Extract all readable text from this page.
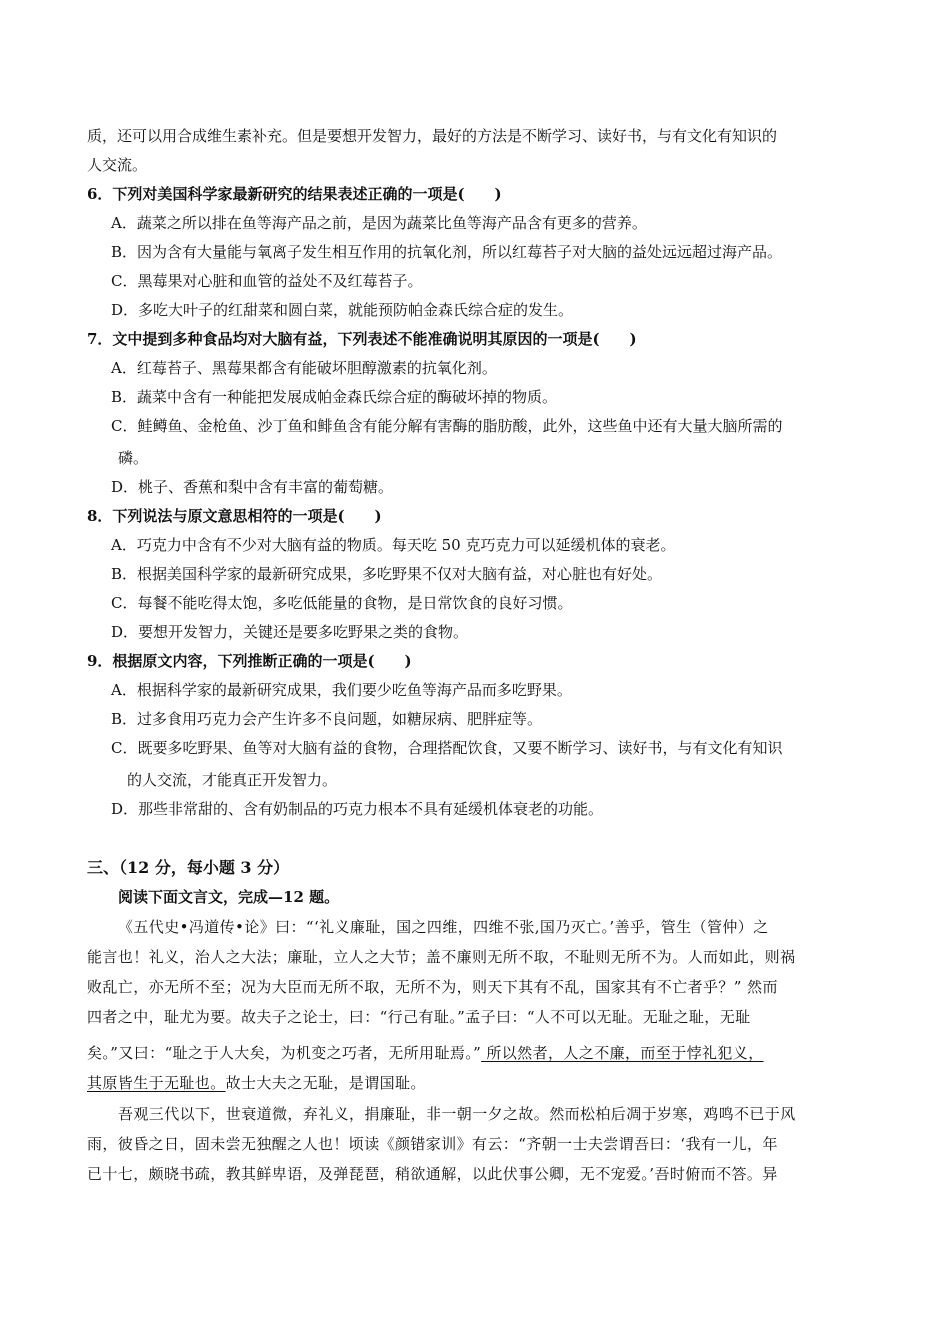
质，还可以用合成维生素补充。但是要想开发智力，最好的方法是不断学习、读好书，与有文化有知识的
人交流。
6．下列对美国科学家最新研究的结果表述正确的一项是(　　)
A．蔬菜之所以排在鱼等海产品之前，是因为蔬菜比鱼等海产品含有更多的营养。
B．因为含有大量能与氧离子发生相互作用的抗氧化剂，所以红莓苔子对大脑的益处远远超过海产品。
C．黑莓果对心脏和血管的益处不及红莓苔子。
D．多吃大叶子的红甜菜和圆白菜，就能预防帕金森氏综合症的发生。
7．文中提到多种食品均对大脑有益，下列表述不能准确说明其原因的一项是(　　)
A．红莓苔子、黑莓果都含有能破坏胆醇激素的抗氧化剂。
B．蔬菜中含有一种能把发展成帕金森氏综合症的酶破坏掉的物质。
C．鲑鳟鱼、金枪鱼、沙丁鱼和鲱鱼含有能分解有害酶的脂肪酸，此外，这些鱼中还有大量大脑所需的
磷。
D．桃子、香蕉和梨中含有丰富的葡萄糖。
8．下列说法与原文意思相符的一项是(　　)
A．巧克力中含有不少对大脑有益的物质。每天吃 50 克巧克力可以延缓机体的衰老。
B．根据美国科学家的最新研究成果，多吃野果不仅对大脑有益，对心脏也有好处。
C．每餐不能吃得太饱，多吃低能量的食物，是日常饮食的良好习惯。
D．要想开发智力，关键还是要多吃野果之类的食物。
9．根据原文内容，下列推断正确的一项是(　　)
A．根据科学家的最新研究成果，我们要少吃鱼等海产品而多吃野果。
B．过多食用巧克力会产生许多不良问题，如糖尿病、肥胖症等。
C．既要多吃野果、鱼等对大脑有益的食物，合理搭配饮食，又要不断学习、读好书，与有文化有知识
的人交流，才能真正开发智力。
D．那些非常甜的、含有奶制品的巧克力根本不具有延缓机体衰老的功能。
三、（12 分，每小题 3 分）
阅读下面文言文，完成—12 题。
《五代史•冯道传•论》曰：“‘礼义廉耻，国之四维，四维不张,国乃灭亡。’善乎，管生（管仲）之
能言也！礼义，治人之大法；廉耻，立人之大节；盖不廉则无所不取，不耻则无所不为。人而如此，则祸
败乱亡，亦无所不至；况为大臣而无所不取，无所不为，则天下其有不乱，国家其有不亡者乎？” 然而
四者之中，耻尤为要。故夫子之论士，曰：“行己有耻。”孟子曰：“人不可以无耻。无耻之耻，无耻
矣。”又曰：“耻之于人大矣，为机变之巧者，无所用耻焉。” 所以然者，人之不廉，而至于悖礼犯义，
其原皆生于无耻也。故士大夫之无耻，是谓国耻。
吾观三代以下，世衰道微，弃礼义，捐廉耻，非一朝一夕之故。然而松柏后凋于岁寒，鸡鸣不已于风
雨，彼昏之日，固未尝无独醒之人也！顷读《颜错家训》有云：“齐朝一士夫尝谓吾曰：‘我有一儿，年
已十七，颇晓书疏，教其鲜卑语，及弹琵琶，稍欲通解，以此伏事公卿，无不宠爱。’吾时俯而不答。异
